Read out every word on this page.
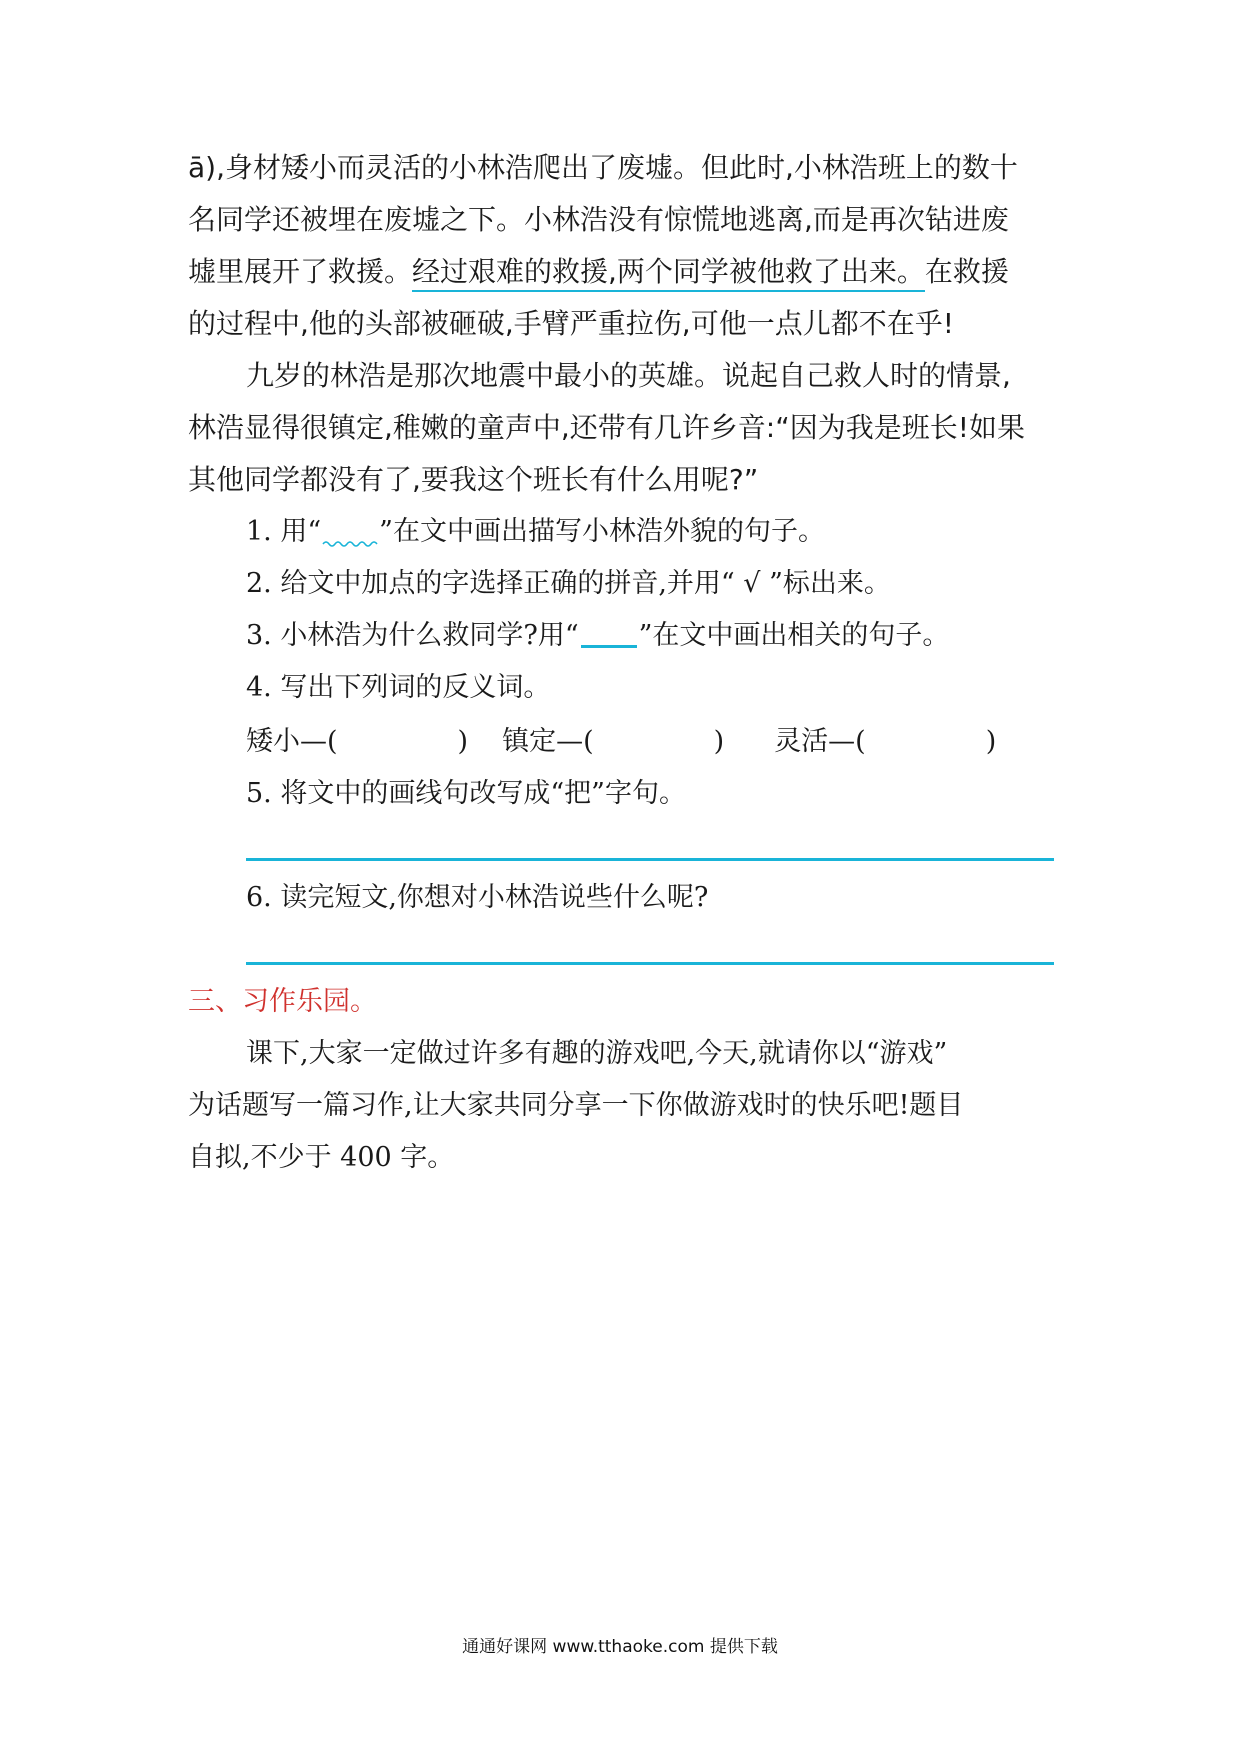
ā),身材矮小而灵活的小林浩爬出了废墟。但此时,小林浩班上的数十
名同学还被埋在废墟之下。小林浩没有惊慌地逃离,而是再次钻进废
墟里展开了救援。经过艰难的救援,两个同学被他救了出来。在救援
的过程中,他的头部被砸破,手臂严重拉伤,可他一点儿都不在乎!
九岁的林浩是那次地震中最小的英雄。说起自己救人时的情景,
林浩显得很镇定,稚嫩的童声中,还带有几许乡音:“因为我是班长!如果
其他同学都没有了,要我这个班长有什么用呢?”
1. 用“ ”在文中画出描写小林浩外貌的句子。
2. 给文中加点的字选择正确的拼音,并用“ √ ”标出来。
3. 小林浩为什么救同学?用“ ”在文中画出相关的句子。
4. 写出下列词的反义词。
矮小—(	) 镇定—(	) 灵活—(	)
5. 将文中的画线句改写成“把”字句。
6. 读完短文,你想对小林浩说些什么呢?
三、习作乐园。
课下,大家一定做过许多有趣的游戏吧,今天,就请你以“游戏”
为话题写一篇习作,让大家共同分享一下你做游戏时的快乐吧!题目
自拟,不少于 400 字。
通通好课网 www.tthaoke.com 提供下载
